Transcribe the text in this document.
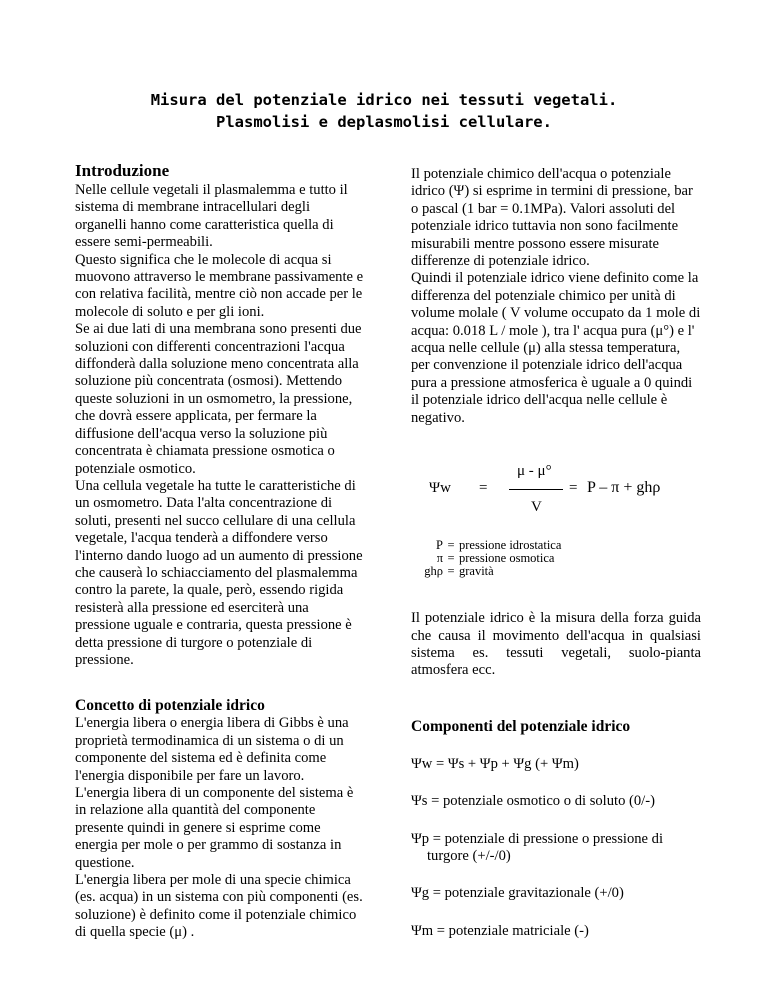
Misura del potenziale idrico nei tessuti vegetali.
Plasmolisi e deplasmolisi cellulare.
Introduzione

Nelle cellule vegetali il plasmalemma e tutto il sistema di membrane intracellulari degli organelli hanno come caratteristica quella di essere semi-permeabili.

Questo significa che le molecole di acqua si muovono attraverso le membrane passivamente e con relativa facilità, mentre ciò non accade per le molecole di soluto e per gli ioni.

Se ai due lati di una membrana sono presenti due soluzioni con differenti concentrazioni l'acqua diffonderà dalla soluzione meno concentrata alla soluzione più concentrata (osmosi). Mettendo queste soluzioni in un osmometro, la pressione, che dovrà essere applicata, per fermare la diffusione dell'acqua verso la soluzione più concentrata è chiamata pressione osmotica o potenziale osmotico.

Una cellula vegetale ha tutte le caratteristiche di un osmometro. Data l'alta concentrazione di soluti, presenti nel succo cellulare di una cellula vegetale, l'acqua tenderà a diffondere verso l'interno dando luogo ad un aumento di pressione che causerà lo schiacciamento del plasmalemma contro la parete, la quale, però, essendo rigida resisterà alla pressione ed eserciterà una pressione uguale e contraria, questa pressione è detta pressione di turgore o potenziale di pressione.

Concetto di potenziale idrico

L'energia libera o energia libera di Gibbs è una proprietà termodinamica di un sistema o di un componente del sistema ed è definita come l'energia disponibile per fare un lavoro.

L'energia libera di un componente del sistema è in relazione alla quantità del componente presente quindi in genere si esprime come energia per mole o per grammo di sostanza in questione.

L'energia libera per mole di una specie chimica (es. acqua) in un sistema con più componenti (es. soluzione) è definito come il potenziale chimico di quella specie (μ) .

Il potenziale chimico dell'acqua o potenziale idrico (Ψ) si esprime in termini di pressione, bar o pascal (1 bar = 0.1MPa). Valori assoluti del potenziale idrico tuttavia non sono facilmente misurabili mentre possono essere misurate differenze di potenziale idrico.

Quindi il potenziale idrico viene definito come la differenza del potenziale chimico per unità di volume molale ( V volume occupato da 1 mole di acqua: 0.018 L / mole ), tra l' acqua pura (μ°) e l' acqua nelle cellule (μ) alla stessa temperatura, per convenzione il potenziale idrico dell'acqua pura a pressione atmosferica è uguale a 0 quindi il potenziale idrico dell'acqua nelle cellule è negativo.

Ψw =
μ - μ°
V
= P – π + ghρ
P = pressione idrostatica
π = pressione osmotica
ghρ = gravità

Il potenziale idrico è la misura della forza guida che causa il movimento dell'acqua in qualsiasi sistema es. tessuti vegetali, suolo-pianta atmosfera ecc.

Componenti del potenziale idrico

Ψw = Ψs + Ψp + Ψg (+ Ψm)

Ψs = potenziale osmotico o di soluto (0/-)

Ψp = potenziale di pressione o pressione di turgore (+/-/0)

Ψg = potenziale gravitazionale (+/0)

Ψm = potenziale matriciale (-)
